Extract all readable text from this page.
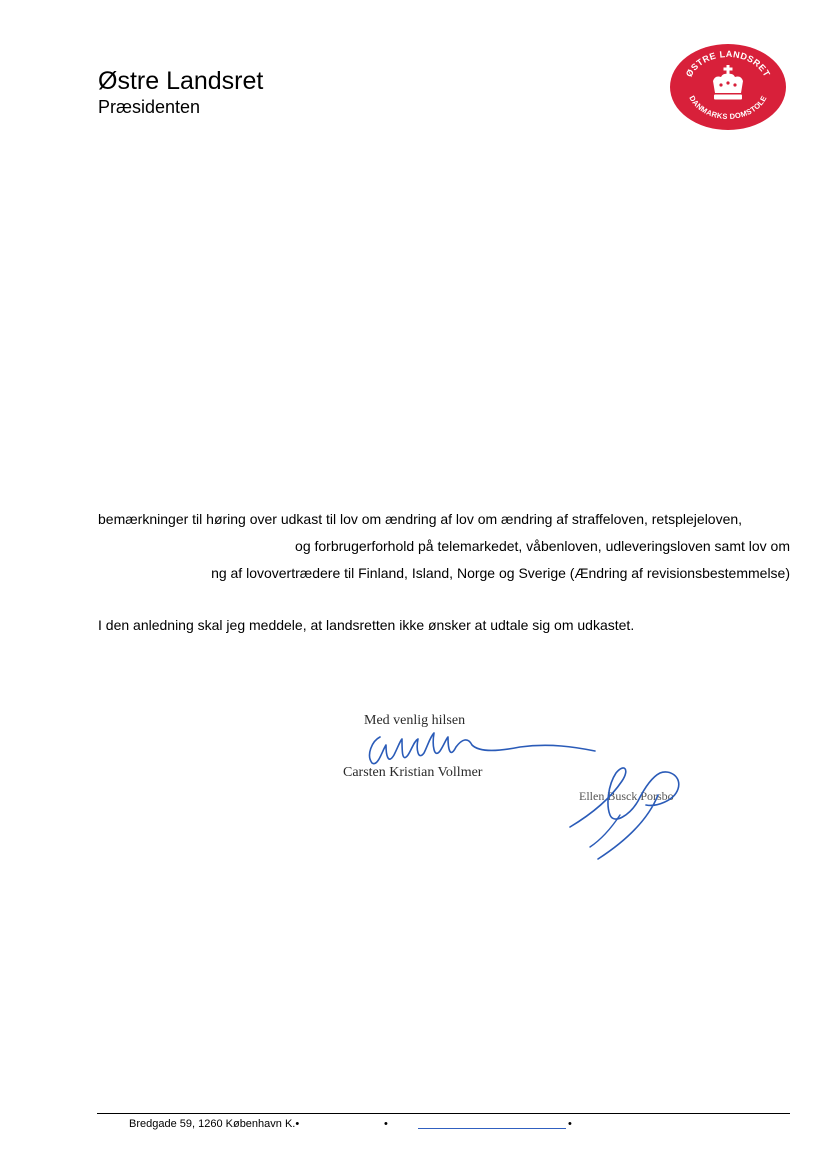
Østre Landsret
Præsidenten
ØSTRE LANDSRET
DANMARKS DOMSTOLE
bemærkninger til høring over udkast til lov om ændring af lov om ændring af straffeloven, retsplejeloven,
og forbrugerforhold på telemarkedet, våbenloven, udleveringsloven samt lov om
ng af lovovertrædere til Finland, Island, Norge og Sverige (Ændring af revisionsbestemmelse)
I den anledning skal jeg meddele, at landsretten ikke ønsker at udtale sig om udkastet.
Med venlig hilsen
Carsten Kristian Vollmer
Ellen Busck Porsbo
Bredgade 59, 1260 København K.•	•	•
